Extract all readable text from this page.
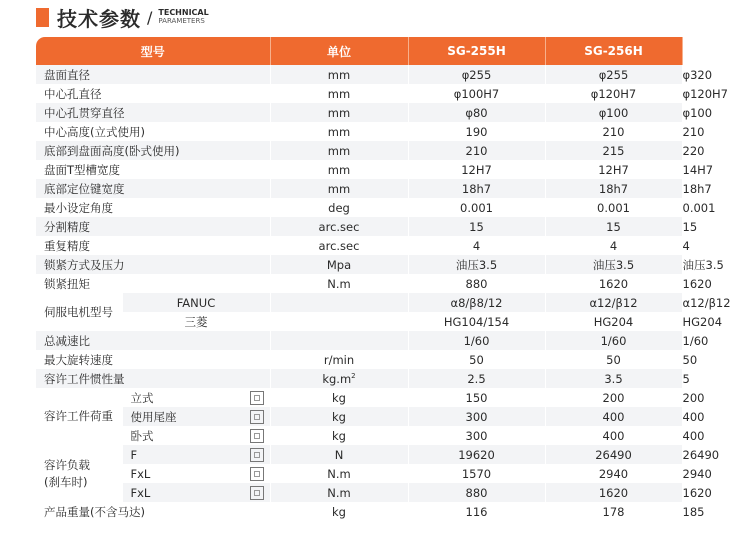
技术参数 / TECHNICAL
PARAMETERS
型号		单位	SG-255H	SG-256H	SG-320H
盘面直径		mm	φ255	φ255	φ320
中心孔直径		mm	φ100H7	φ120H7	φ120H7
中心孔贯穿直径		mm	φ80	φ100	φ100
中心高度(立式使用)		mm	190	210	210
底部到盘面高度(卧式使用)		mm	210	215	220
盘面T型槽宽度		mm	12H7	12H7	14H7
底部定位键宽度		mm	18h7	18h7	18h7
最小设定角度		deg	0.001	0.001	0.001
分割精度		arc.sec	15	15	15
重复精度		arc.sec	4	4	4
锁紧方式及压力		Mpa	油压3.5	油压3.5	油压3.5
锁紧扭矩		N.m	880	1620	1620
伺服电机型号	FANUC		α8/β8/12	α12/β12	α12/β12
	三菱		HG104/154	HG204	HG204
总减速比			1/60	1/60	1/60
最大旋转速度		r/min	50	50	50
容许工件惯性量		$kg.m^2$	2.5	3.5	5
容许工件荷重	立式	kg	150	200	200

	使用尾座	kg	300	400	400

	卧式	kg	300	400	400

容许负载
(刹车时)	F	N	19620	26490	26490

	FxL	N.m	1570	2940	2940

	FxL	N.m	880	1620	1620
产品重量(不含马达)		kg	116	178	185
